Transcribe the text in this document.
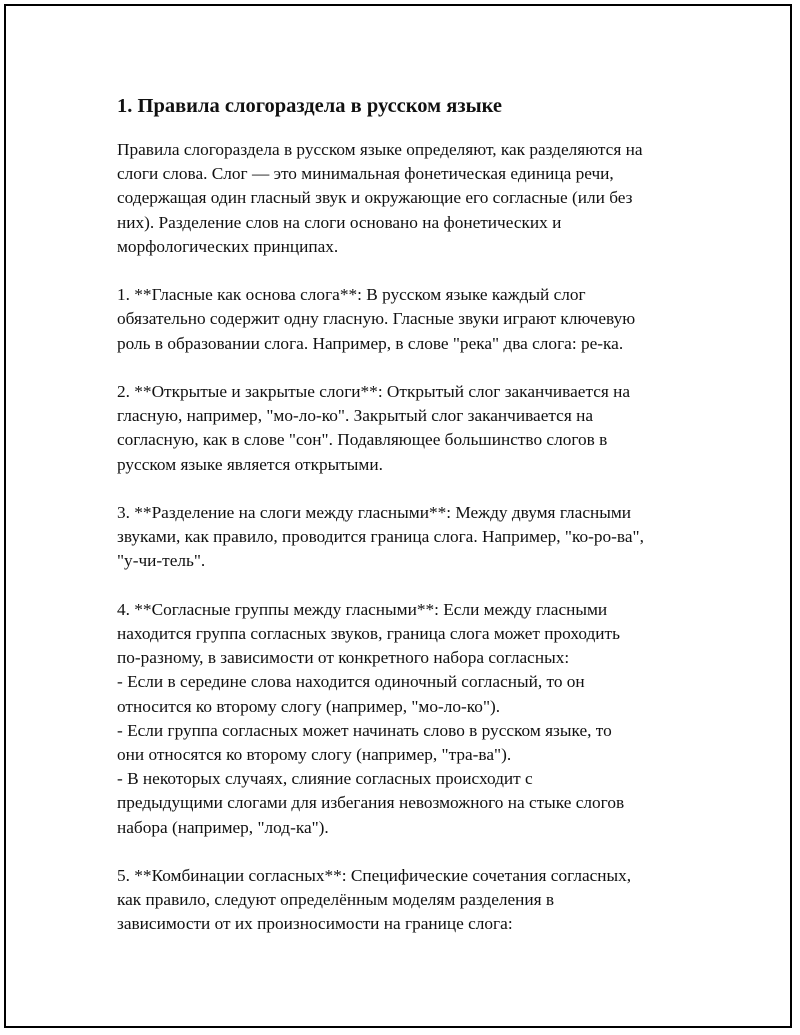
1. Правила слогораздела в русском языке

Правила слогораздела в русском языке определяют, как разделяются на
слоги слова. Слог — это минимальная фонетическая единица речи,
содержащая один гласный звук и окружающие его согласные (или без
них). Разделение слов на слоги основано на фонетических и
морфологических принципах.

1. **Гласные как основа слога**: В русском языке каждый слог
обязательно содержит одну гласную. Гласные звуки играют ключевую
роль в образовании слога. Например, в слове "река" два слога: ре-ка.

2. **Открытые и закрытые слоги**: Открытый слог заканчивается на
гласную, например, "мо-ло-ко". Закрытый слог заканчивается на
согласную, как в слове "сон". Подавляющее большинство слогов в
русском языке является открытыми.

3. **Разделение на слоги между гласными**: Между двумя гласными
звуками, как правило, проводится граница слога. Например, "ко-ро-ва",
"у-чи-тель".

4. **Согласные группы между гласными**: Если между гласными
находится группа согласных звуков, граница слога может проходить
по-разному, в зависимости от конкретного набора согласных:
- Если в середине слова находится одиночный согласный, то он
относится ко второму слогу (например, "мо-ло-ко").
- Если группа согласных может начинать слово в русском языке, то
они относятся ко второму слогу (например, "тра-ва").
- В некоторых случаях, слияние согласных происходит с
предыдущими слогами для избегания невозможного на стыке слогов
набора (например, "лод-ка").

5. **Комбинации согласных**: Специфические сочетания согласных,
как правило, следуют определённым моделям разделения в
зависимости от их произносимости на границе слога:
